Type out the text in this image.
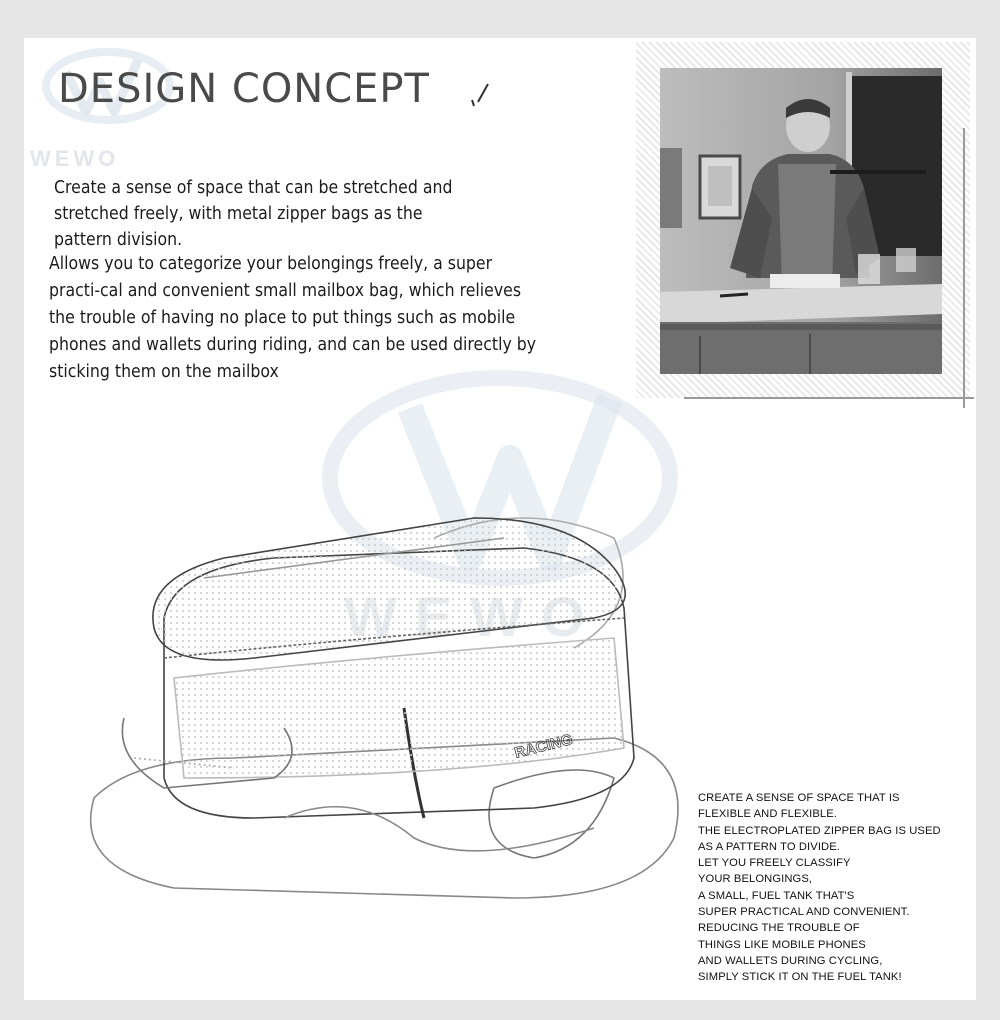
WEWO
DESIGN CONCEPT
Create a sense of space that can be stretched and stretched freely, with metal zipper bags as the pattern division.
Allows you to categorize your belongings freely, a super practi-cal and convenient small mailbox bag, which relieves the trouble of having no place to put things such as mobile phones and wallets during riding, and can be used directly by sticking them on the mailbox
RACING
CREATE A SENSE OF SPACE THAT IS
FLEXIBLE AND FLEXIBLE.
THE ELECTROPLATED ZIPPER BAG IS USED
AS A PATTERN TO DIVIDE.
LET YOU FREELY CLASSIFY
YOUR BELONGINGS,
A SMALL, FUEL TANK THAT'S
SUPER PRACTICAL AND CONVENIENT.
REDUCING THE TROUBLE OF
THINGS LIKE MOBILE PHONES
AND WALLETS DURING CYCLING,
SIMPLY STICK IT ON THE FUEL TANK!
